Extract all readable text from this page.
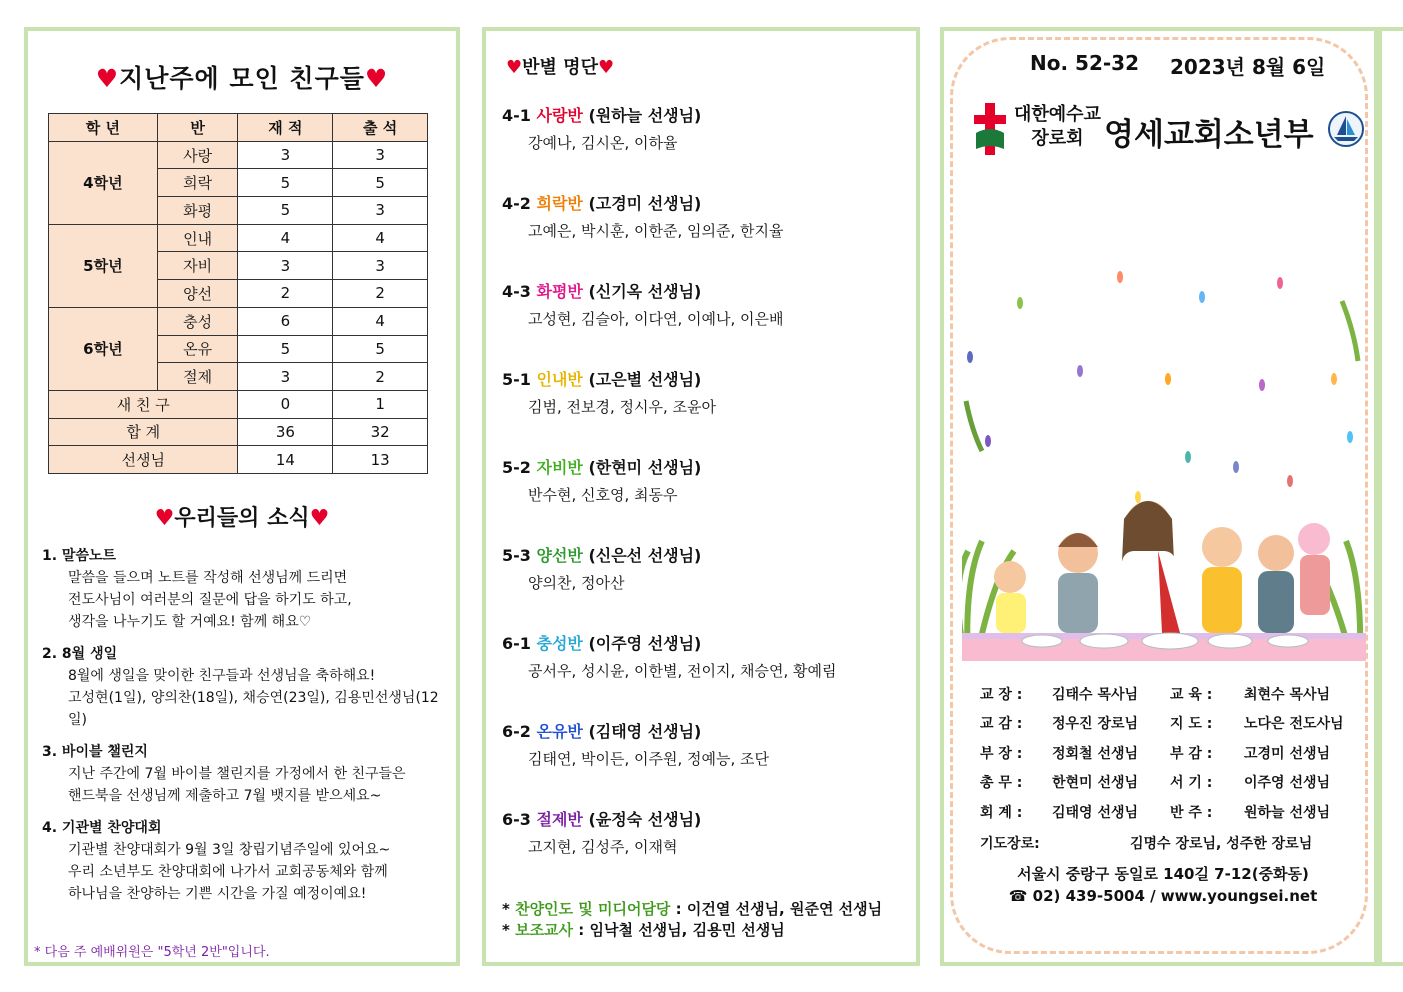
♥지난주에 모인 친구들♥
학 년	반	재 적	출 석
4학년	사랑	3	3
	희락	5	5
	화평	5	3
5학년	인내	4	4
	자비	3	3
	양선	2	2
6학년	충성	6	4
	온유	5	5
	절제	3	2
새 친 구		0	1
합 계		36	32
선생님		14	13
♥우리들의 소식♥
1. 말씀노트
말씀을 들으며 노트를 작성해 선생님께 드리면
전도사님이 여러분의 질문에 답을 하기도 하고,
생각을 나누기도 할 거예요! 함께 해요♡
2. 8월 생일
8월에 생일을 맞이한 친구들과 선생님을 축하해요!
고성현(1일), 양의찬(18일), 채승연(23일), 김용민선생님(12일)
3. 바이블 챌린지
지난 주간에 7월 바이블 챌린지를 가정에서 한 친구들은
핸드북을 선생님께 제출하고 7월 뱃지를 받으세요~
4. 기관별 찬양대회
기관별 찬양대회가 9월 3일 창립기념주일에 있어요~
우리 소년부도 찬양대회에 나가서 교회공동체와 함께
하나님을 찬양하는 기쁜 시간을 가질 예정이예요!
* 다음 주 예배위원은 "5학년 2반"입니다.
♥반별 명단♥
4-1 사랑반 (원하늘 선생님)
강예나, 김시온, 이하율
4-2 희락반 (고경미 선생님)
고예은, 박시훈, 이한준, 임의준, 한지율
4-3 화평반 (신기옥 선생님)
고성현, 김슬아, 이다연, 이예나, 이은배
5-1 인내반 (고은별 선생님)
김범, 전보경, 정시우, 조윤아
5-2 자비반 (한현미 선생님)
반수현, 신호영, 최동우
5-3 양선반 (신은선 선생님)
양의찬, 정아산
6-1 충성반 (이주영 선생님)
공서우, 성시윤, 이한별, 전이지, 채승연, 황예림
6-2 온유반 (김태영 선생님)
김태연, 박이든, 이주원, 정예능, 조단
6-3 절제반 (윤정숙 선생님)
고지현, 김성주, 이재혁
* 찬양인도 및 미디어담당 : 이건열 선생님, 원준연 선생님
* 보조교사 : 임낙철 선생님, 김용민 선생님
No. 52-32 2023년 8월 6일
대한예수교
장로회 영세교회소년부
교 장 :	김태수 목사님	교 육 :	최현수 목사님
교 감 :	정우진 장로님	지 도 :	노다은 전도사님
부 장 :	정회철 선생님	부 감 :	고경미 선생님
총 무 :	한현미 선생님	서 기 :	이주영 선생님
회 계 :	김태영 선생님	반 주 :	원하늘 선생님
기도장로:	김명수 장로님, 성주한 장로님
서울시 중랑구 동일로 140길 7-12(중화동)
☎ 02) 439-5004 / www.youngsei.net
